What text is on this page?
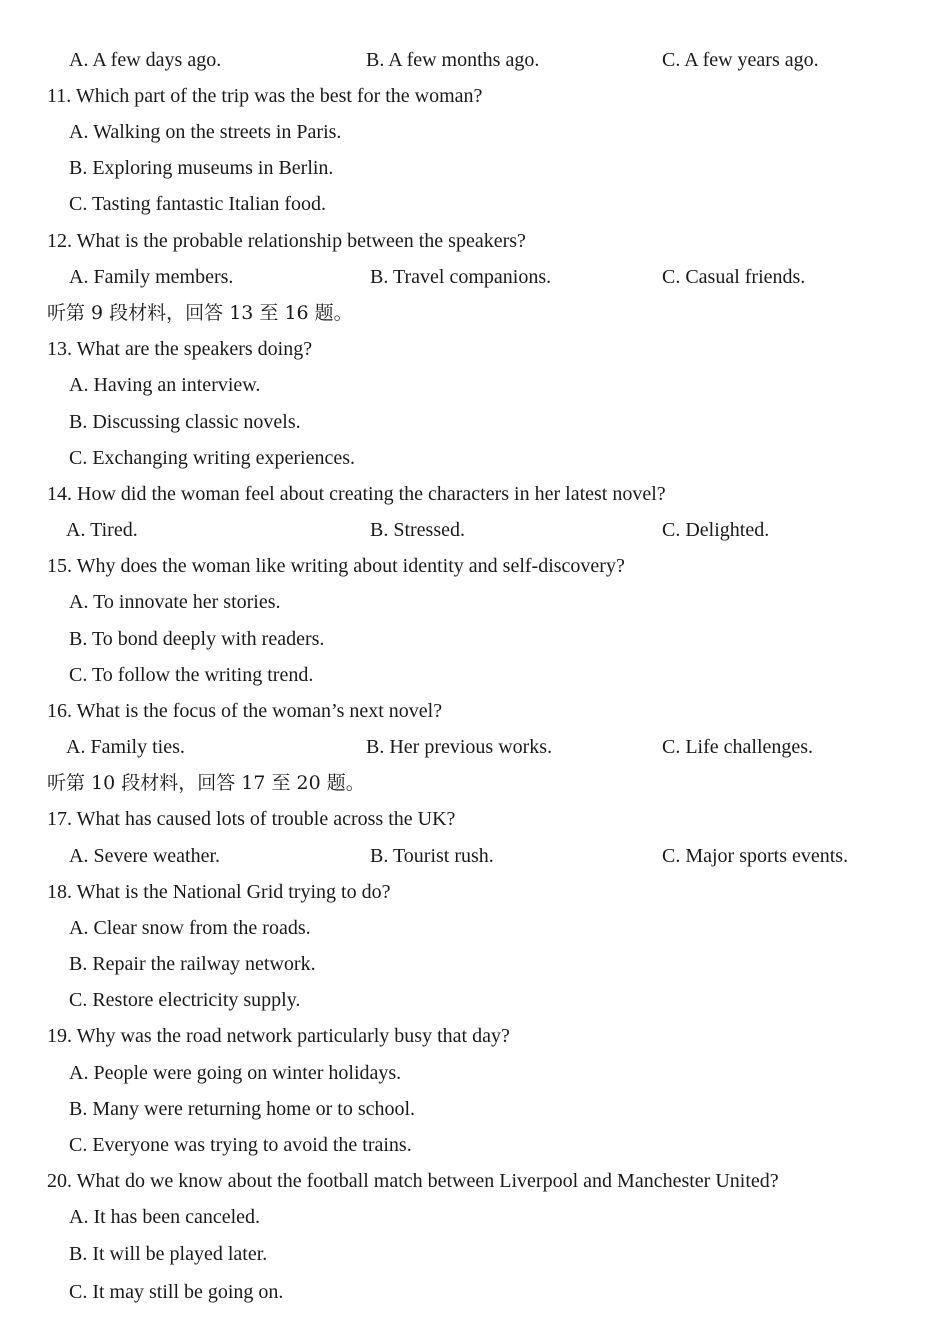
A. A few days ago.	B. A few months ago.	C. A few years ago.
11. Which part of the trip was the best for the woman?
A. Walking on the streets in Paris.
B. Exploring museums in Berlin.
C. Tasting fantastic Italian food.
12. What is the probable relationship between the speakers?
A. Family members.	B. Travel companions.	C. Casual friends.
听第 9 段材料，回答 13 至 16 题。
13. What are the speakers doing?
A. Having an interview.
B. Discussing classic novels.
C. Exchanging writing experiences.
14. How did the woman feel about creating the characters in her latest novel?
A. Tired.	B. Stressed.	C. Delighted.
15. Why does the woman like writing about identity and self-discovery?
A. To innovate her stories.
B. To bond deeply with readers.
C. To follow the writing trend.
16. What is the focus of the woman’s next novel?
A. Family ties.	B. Her previous works.	C. Life challenges.
听第 10 段材料，回答 17 至 20 题。
17. What has caused lots of trouble across the UK?
A. Severe weather.	B. Tourist rush.	C. Major sports events.
18. What is the National Grid trying to do?
A. Clear snow from the roads.
B. Repair the railway network.
C. Restore electricity supply.
19. Why was the road network particularly busy that day?
A. People were going on winter holidays.
B. Many were returning home or to school.
C. Everyone was trying to avoid the trains.
20. What do we know about the football match between Liverpool and Manchester United?
A. It has been canceled.
B. It will be played later.
C. It may still be going on.
